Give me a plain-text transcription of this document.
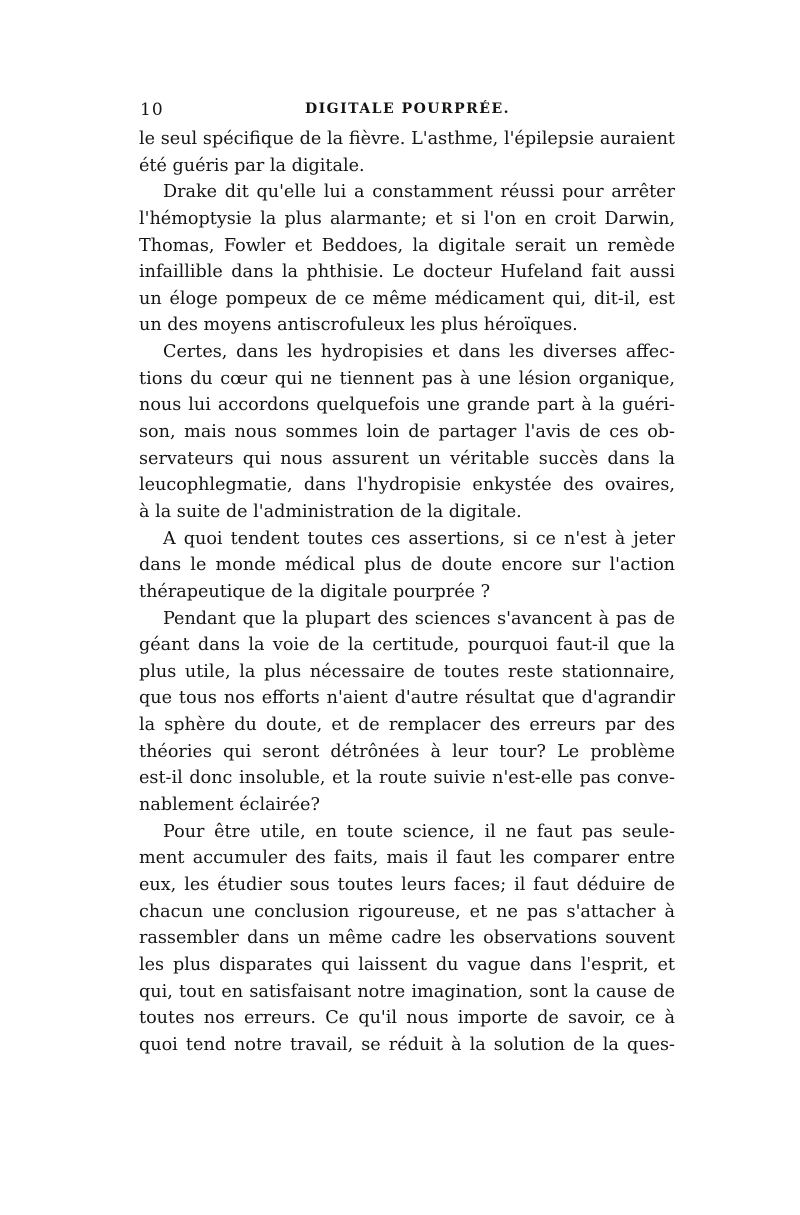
10	DIGITALE POURPRÉE.
le seul spécifique de la fièvre. L'asthme, l'épilepsie auraient
été guéris par la digitale.
Drake dit qu'elle lui a constamment réussi pour arrêter
l'hémoptysie la plus alarmante; et si l'on en croit Darwin,
Thomas, Fowler et Beddoes, la digitale serait un remède
infaillible dans la phthisie. Le docteur Hufeland fait aussi
un éloge pompeux de ce même médicament qui, dit-il, est
un des moyens antiscrofuleux les plus héroïques.
Certes, dans les hydropisies et dans les diverses affec-
tions du cœur qui ne tiennent pas à une lésion organique,
nous lui accordons quelquefois une grande part à la guéri-
son, mais nous sommes loin de partager l'avis de ces ob-
servateurs qui nous assurent un véritable succès dans la
leucophlegmatie, dans l'hydropisie enkystée des ovaires,
à la suite de l'administration de la digitale.
A quoi tendent toutes ces assertions, si ce n'est à jeter
dans le monde médical plus de doute encore sur l'action
thérapeutique de la digitale pourprée ?
Pendant que la plupart des sciences s'avancent à pas de
géant dans la voie de la certitude, pourquoi faut-il que la
plus utile, la plus nécessaire de toutes reste stationnaire,
que tous nos efforts n'aient d'autre résultat que d'agrandir
la sphère du doute, et de remplacer des erreurs par des
théories qui seront détrônées à leur tour? Le problème
est-il donc insoluble, et la route suivie n'est-elle pas conve-
nablement éclairée?
Pour être utile, en toute science, il ne faut pas seule-
ment accumuler des faits, mais il faut les comparer entre
eux, les étudier sous toutes leurs faces; il faut déduire de
chacun une conclusion rigoureuse, et ne pas s'attacher à
rassembler dans un même cadre les observations souvent
les plus disparates qui laissent du vague dans l'esprit, et
qui, tout en satisfaisant notre imagination, sont la cause de
toutes nos erreurs. Ce qu'il nous importe de savoir, ce à
quoi tend notre travail, se réduit à la solution de la ques-
